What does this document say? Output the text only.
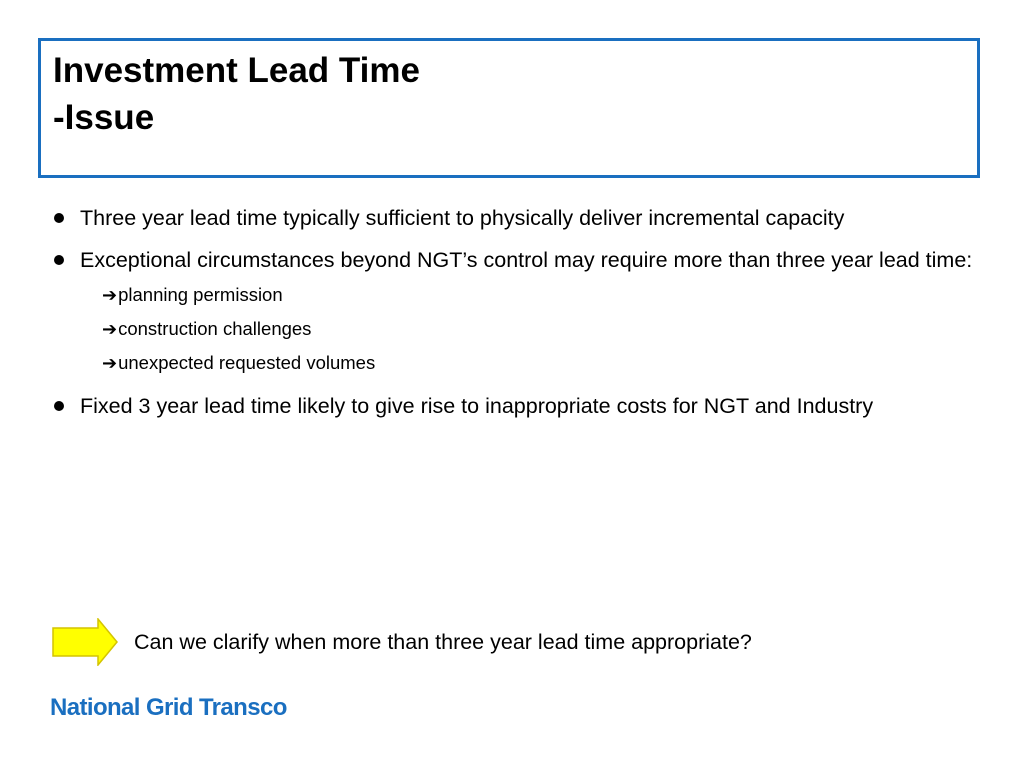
Investment Lead Time
-Issue
Three year lead time typically sufficient to physically deliver incremental capacity
Exceptional circumstances beyond NGT’s control may require more than three year lead time:
➔planning permission
➔construction challenges
➔unexpected requested volumes
Fixed 3 year lead time likely to give rise to inappropriate costs for NGT and Industry
Can we clarify when more than three year lead time appropriate?
National Grid Transco
